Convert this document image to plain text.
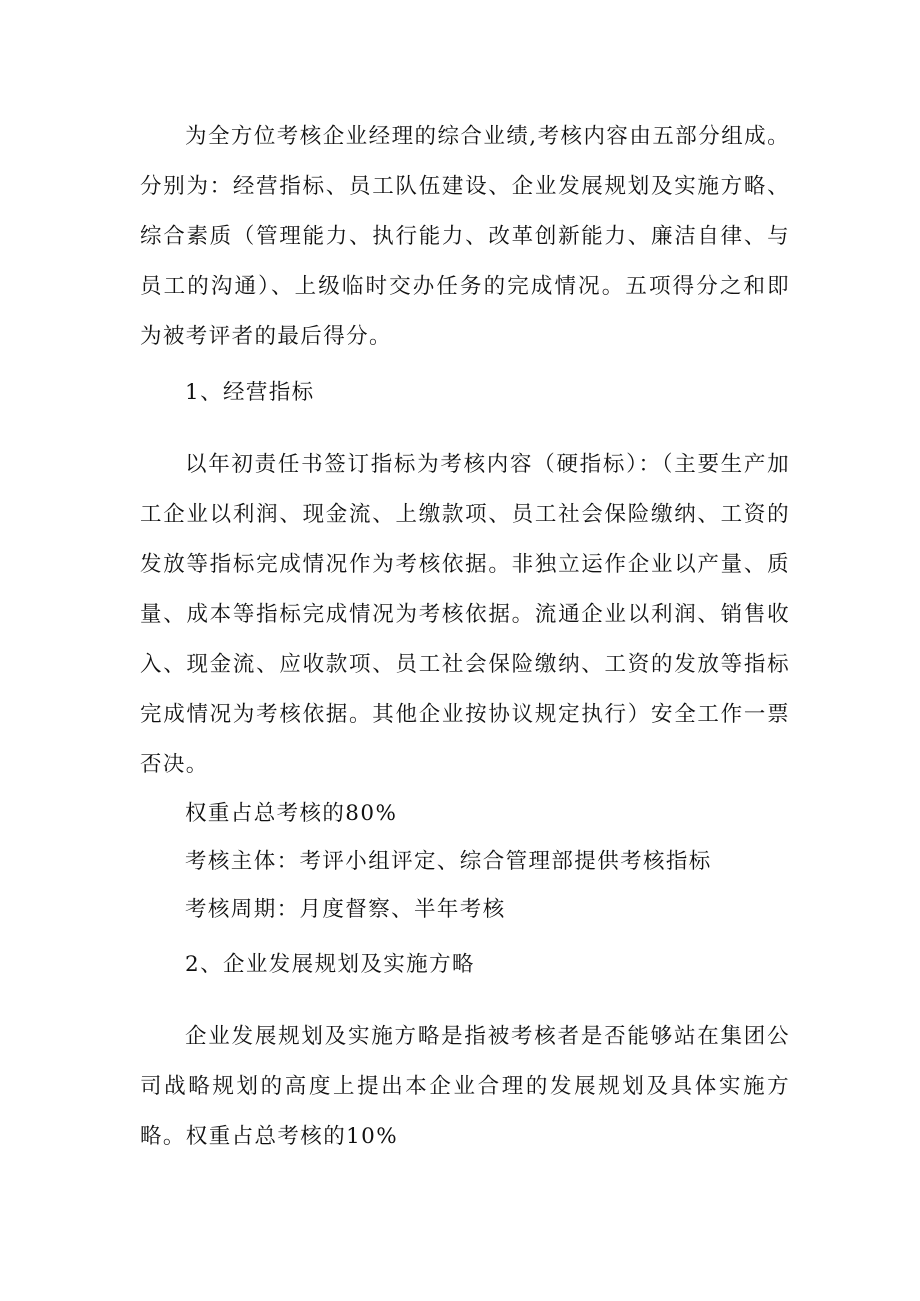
为全方位考核企业经理的综合业绩,考核内容由五部分组成。分别为：经营指标、员工队伍建设、企业发展规划及实施方略、综合素质（管理能力、执行能力、改革创新能力、廉洁自律、与员工的沟通）、上级临时交办任务的完成情况。五项得分之和即为被考评者的最后得分。

1、经营指标

以年初责任书签订指标为考核内容（硬指标）：（主要生产加工企业以利润、现金流、上缴款项、员工社会保险缴纳、工资的发放等指标完成情况作为考核依据。非独立运作企业以产量、质量、成本等指标完成情况为考核依据。流通企业以利润、销售收入、现金流、应收款项、员工社会保险缴纳、工资的发放等指标完成情况为考核依据。其他企业按协议规定执行）安全工作一票否决。

权重占总考核的80%

考核主体：考评小组评定、综合管理部提供考核指标

考核周期：月度督察、半年考核

2、企业发展规划及实施方略

企业发展规划及实施方略是指被考核者是否能够站在集团公司战略规划的高度上提出本企业合理的发展规划及具体实施方略。权重占总考核的10%
